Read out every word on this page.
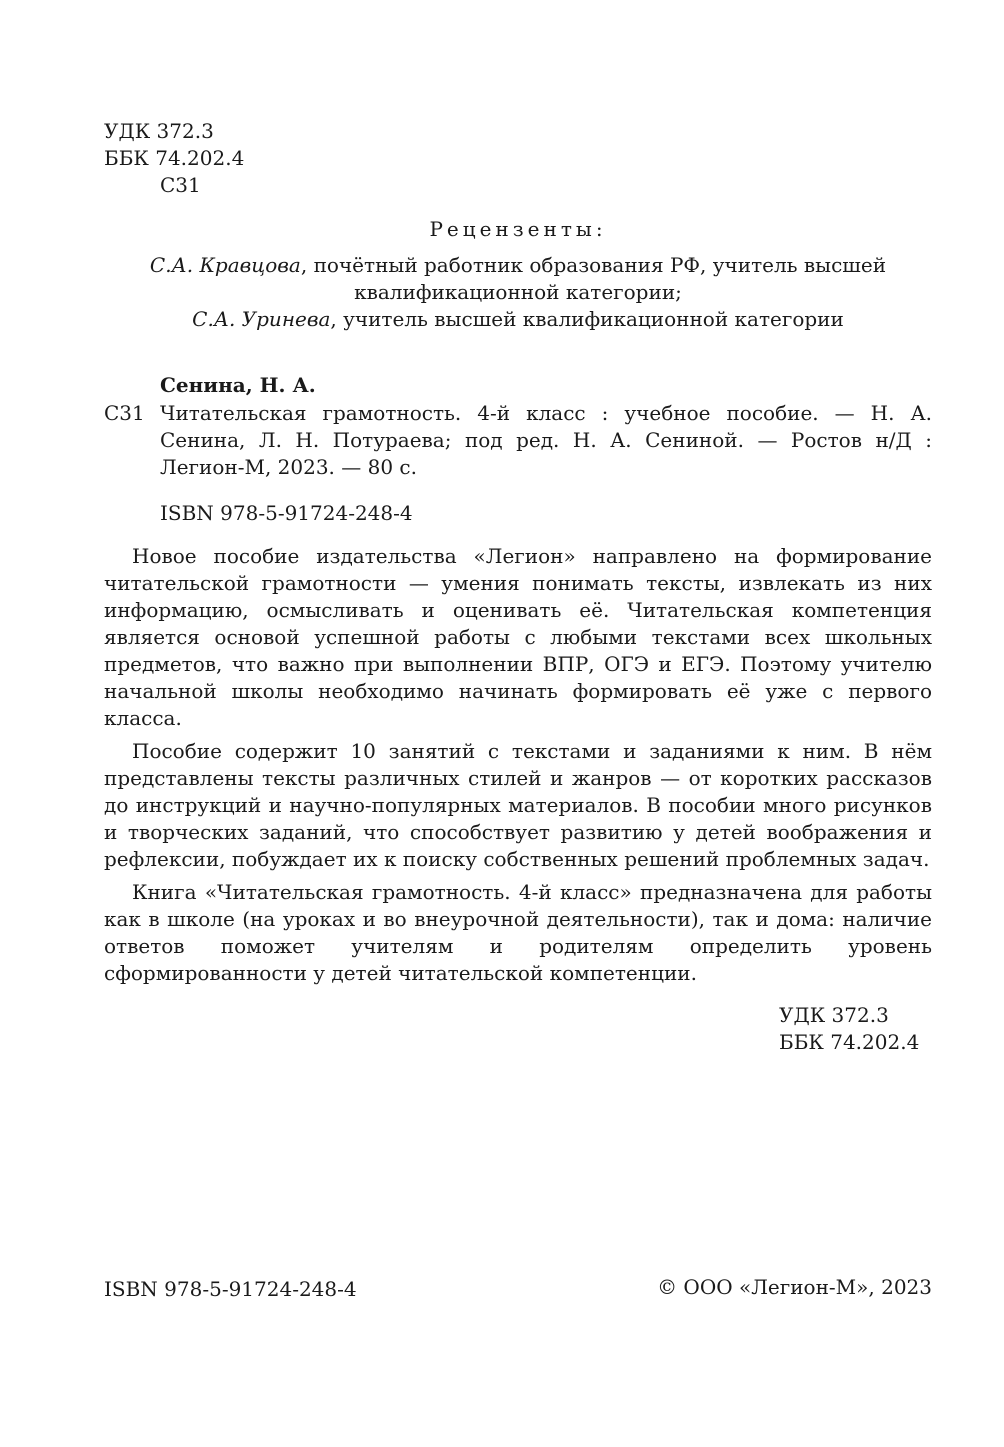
УДК 372.3
ББК 74.202.4
С31
Рецензенты:
С.А. Кравцова, почётный работник образования РФ, учитель высшей
квалификационной категории;
С.А. Уринева, учитель высшей квалификационной категории
Сенина, Н. А.
С31 Читательская грамотность. 4-й класс : учебное пособие. — Н. А. Сенина, Л. Н. Потураева; под ред. Н. А. Сениной. — Ростов н/Д : Легион-М, 2023. — 80 с.
ISBN 978-5-91724-248-4

Новое пособие издательства «Легион» направлено на формирование читательской грамотности — умения понимать тексты, извлекать из них информацию, осмысливать и оценивать её. Читательская компетенция является основой успешной работы с любыми текстами всех школьных предметов, что важно при выполнении ВПР, ОГЭ и ЕГЭ. Поэтому учителю начальной школы необходимо начинать формировать её уже с первого класса.

Пособие содержит 10 занятий с текстами и заданиями к ним. В нём представлены тексты различных стилей и жанров — от коротких рассказов до инструкций и научно-популярных материалов. В пособии много рисунков и творческих заданий, что способствует развитию у детей воображения и рефлексии, побуждает их к поиску собственных решений проблемных задач.

Книга «Читательская грамотность. 4-й класс» предназначена для работы как в школе (на уроках и во внеурочной деятельности), так и дома: наличие ответов поможет учителям и родителям определить уровень сформированности у детей читательской компетенции.

УДК 372.3
ББК 74.202.4
ISBN 978-5-91724-248-4	© ООО «Легион-М», 2023
